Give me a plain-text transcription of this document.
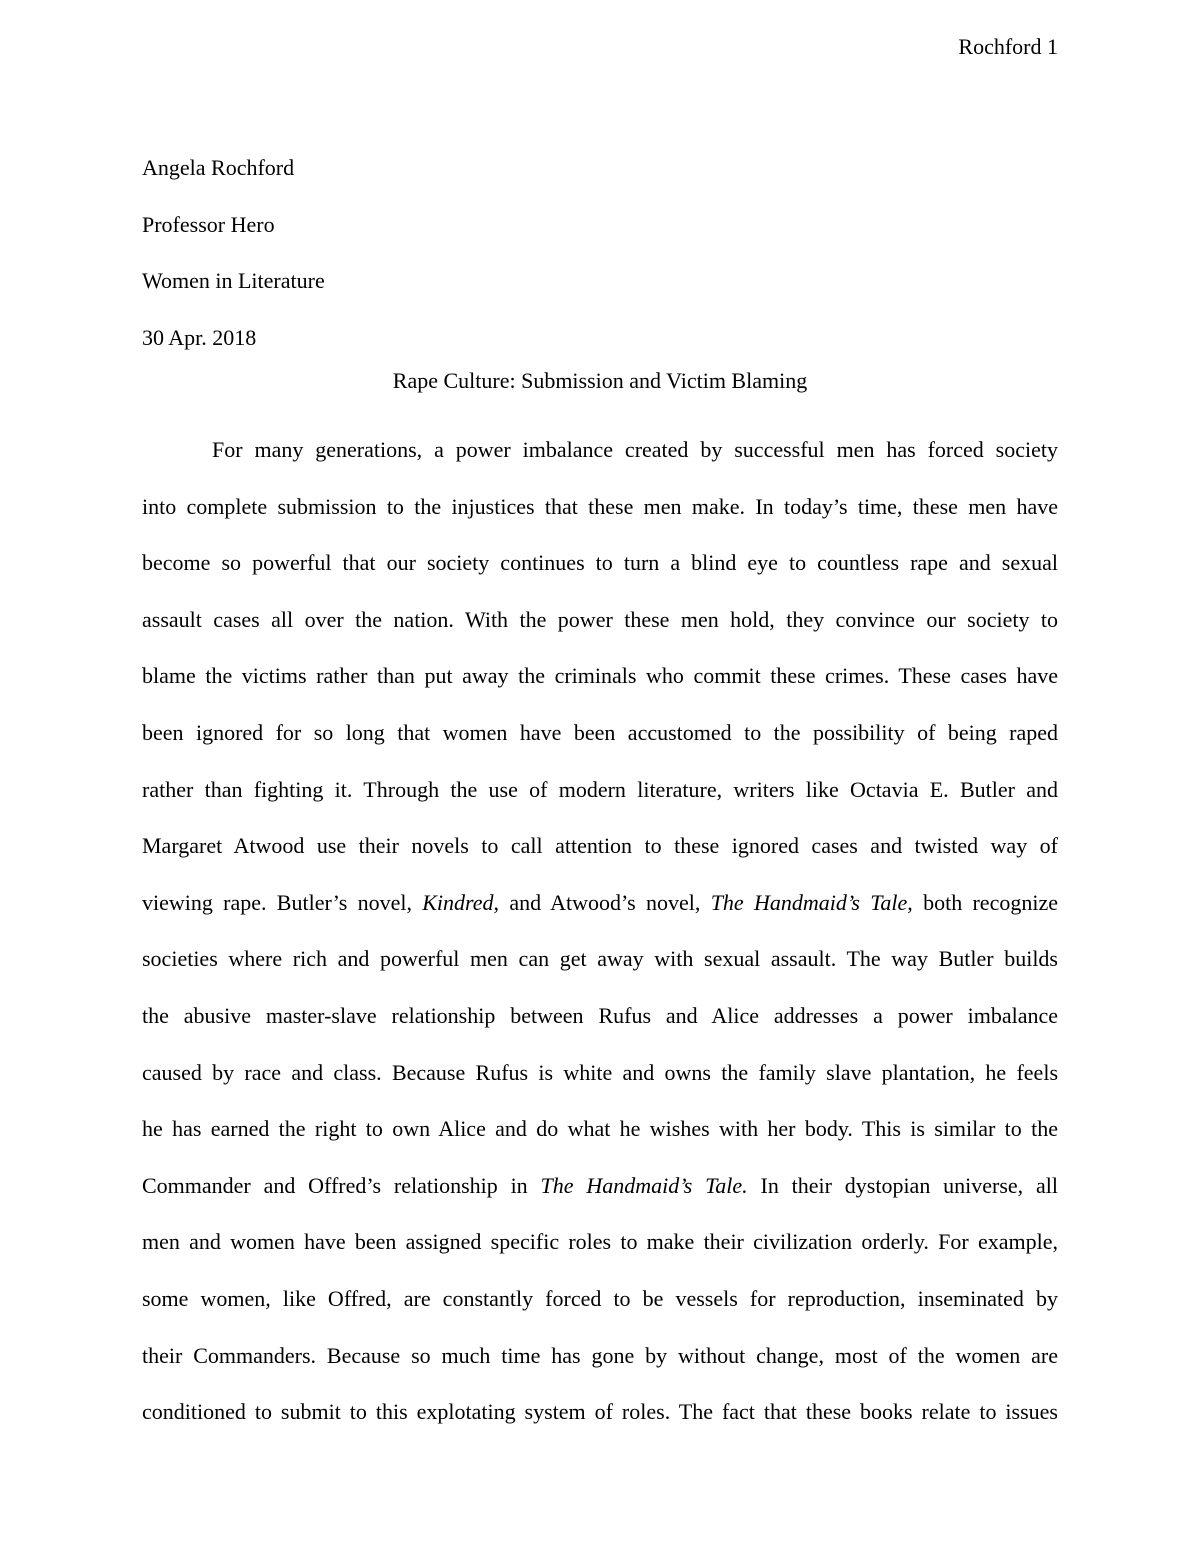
Rochford 1
Angela Rochford
Professor Hero
Women in Literature
30 Apr. 2018
Rape Culture: Submission and Victim Blaming
For many generations, a power imbalance created by successful men has forced society
into complete submission to the injustices that these men make. In today’s time, these men have
become so powerful that our society continues to turn a blind eye to countless rape and sexual
assault cases all over the nation. With the power these men hold, they convince our society to
blame the victims rather than put away the criminals who commit these crimes. These cases have
been ignored for so long that women have been accustomed to the possibility of being raped
rather than fighting it. Through the use of modern literature, writers like Octavia E. Butler and
Margaret Atwood use their novels to call attention to these ignored cases and twisted way of
viewing rape. Butler’s novel, Kindred, and Atwood’s novel, The Handmaid’s Tale, both recognize
societies where rich and powerful men can get away with sexual assault. The way Butler builds
the abusive master-slave relationship between Rufus and Alice addresses a power imbalance
caused by race and class. Because Rufus is white and owns the family slave plantation, he feels
he has earned the right to own Alice and do what he wishes with her body. This is similar to the
Commander and Offred’s relationship in The Handmaid’s Tale. In their dystopian universe, all
men and women have been assigned specific roles to make their civilization orderly. For example,
some women, like Offred, are constantly forced to be vessels for reproduction, inseminated by
their Commanders. Because so much time has gone by without change, most of the women are
conditioned to submit to this explotating system of roles. The fact that these books relate to issues
